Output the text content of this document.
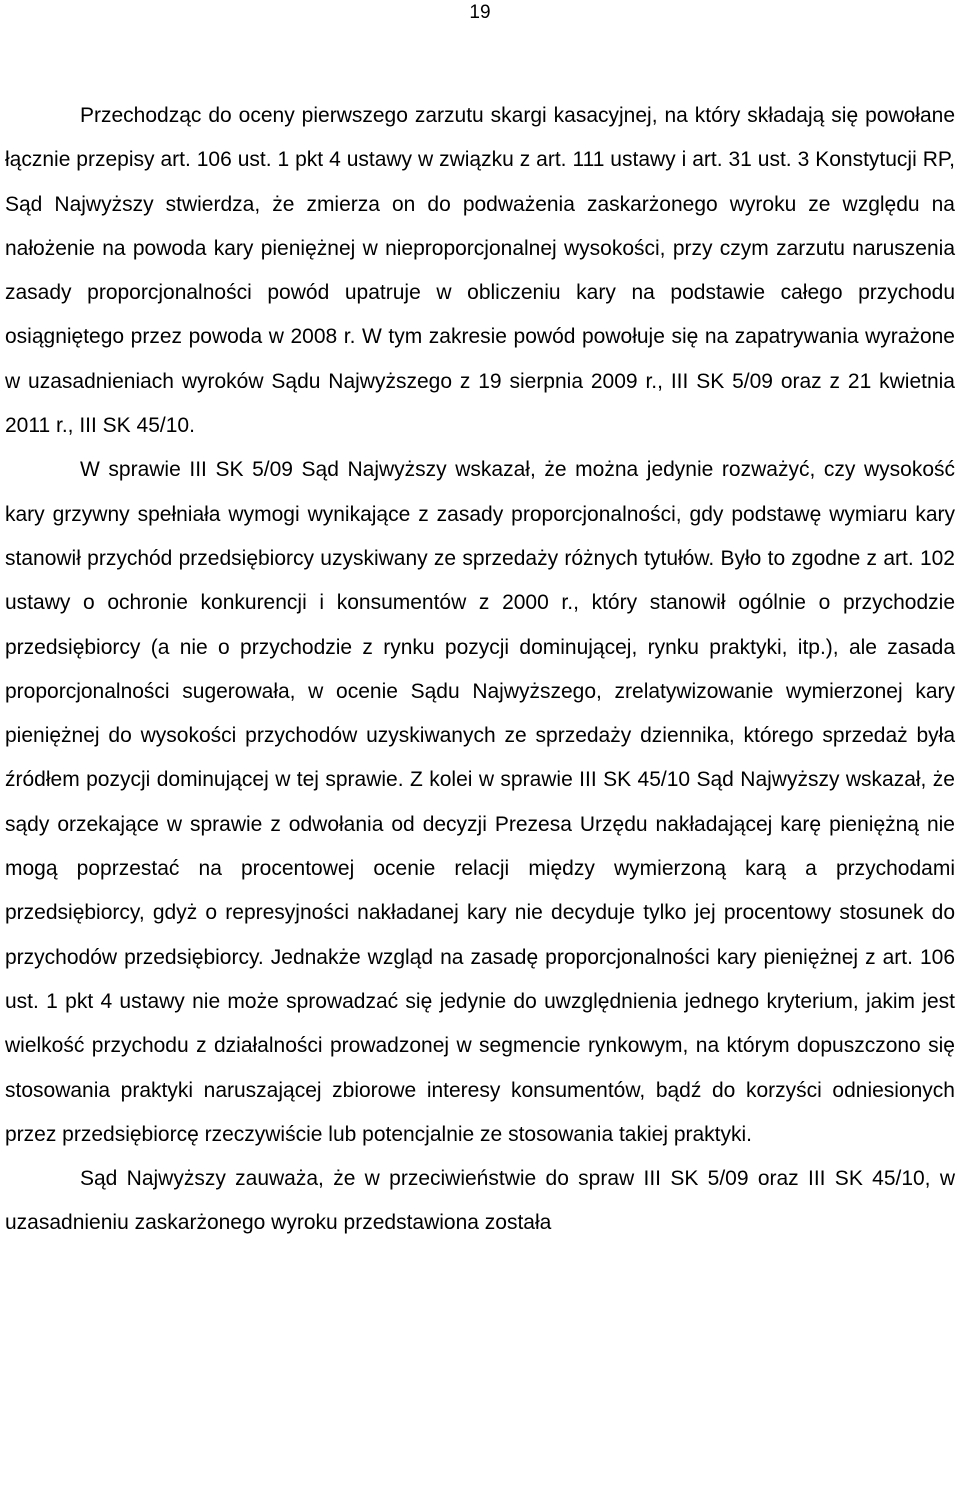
19

Przechodząc do oceny pierwszego zarzutu skargi kasacyjnej, na który składają się powołane łącznie przepisy art. 106 ust. 1 pkt 4 ustawy w związku z art. 111 ustawy i art. 31 ust. 3 Konstytucji RP, Sąd Najwyższy stwierdza, że zmierza on do podważenia zaskarżonego wyroku ze względu na nałożenie na powoda kary pieniężnej w nieproporcjonalnej wysokości, przy czym zarzutu naruszenia zasady proporcjonalności powód upatruje w obliczeniu kary na podstawie całego przychodu osiągniętego przez powoda w 2008 r. W tym zakresie powód powołuje się na zapatrywania wyrażone w uzasadnieniach wyroków Sądu Najwyższego z 19 sierpnia 2009 r., III SK 5/09 oraz z 21 kwietnia 2011 r., III SK 45/10.

W sprawie III SK 5/09 Sąd Najwyższy wskazał, że można jedynie rozważyć, czy wysokość kary grzywny spełniała wymogi wynikające z zasady proporcjonalności, gdy podstawę wymiaru kary stanowił przychód przedsiębiorcy uzyskiwany ze sprzedaży różnych tytułów. Było to zgodne z art. 102 ustawy o ochronie konkurencji i konsumentów z 2000 r., który stanowił ogólnie o przychodzie przedsiębiorcy (a nie o przychodzie z rynku pozycji dominującej, rynku praktyki, itp.), ale zasada proporcjonalności sugerowała, w ocenie Sądu Najwyższego, zrelatywizowanie wymierzonej kary pieniężnej do wysokości przychodów uzyskiwanych ze sprzedaży dziennika, którego sprzedaż była źródłem pozycji dominującej w tej sprawie. Z kolei w sprawie III SK 45/10 Sąd Najwyższy wskazał, że sądy orzekające w sprawie z odwołania od decyzji Prezesa Urzędu nakładającej karę pieniężną nie mogą poprzestać na procentowej ocenie relacji między wymierzoną karą a przychodami przedsiębiorcy, gdyż o represyjności nakładanej kary nie decyduje tylko jej procentowy stosunek do przychodów przedsiębiorcy. Jednakże wzgląd na zasadę proporcjonalności kary pieniężnej z art. 106 ust. 1 pkt 4 ustawy nie może sprowadzać się jedynie do uwzględnienia jednego kryterium, jakim jest wielkość przychodu z działalności prowadzonej w segmencie rynkowym, na którym dopuszczono się stosowania praktyki naruszającej zbiorowe interesy konsumentów, bądź do korzyści odniesionych przez przedsiębiorcę rzeczywiście lub potencjalnie ze stosowania takiej praktyki.

Sąd Najwyższy zauważa, że w przeciwieństwie do spraw III SK 5/09 oraz III SK 45/10, w uzasadnieniu zaskarżonego wyroku przedstawiona została
